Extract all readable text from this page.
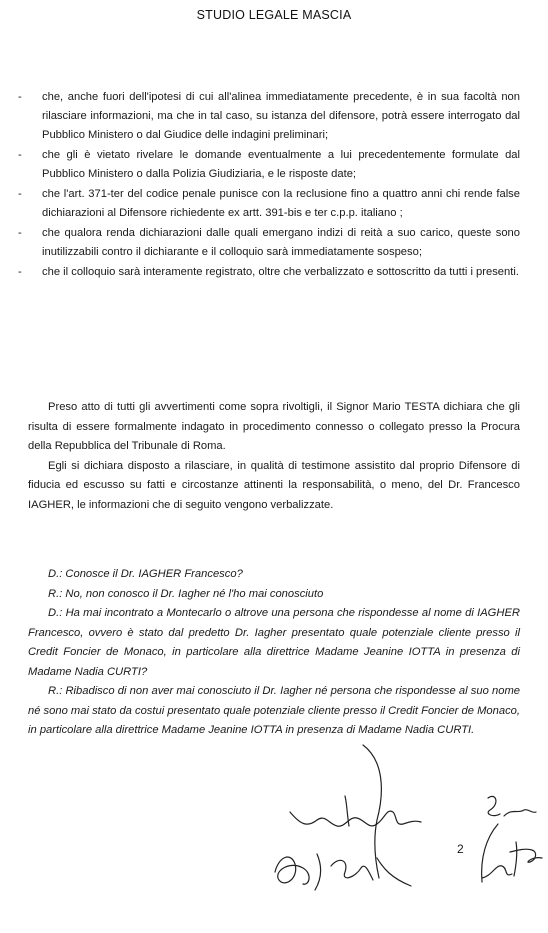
STUDIO LEGALE MASCIA
- che, anche fuori dell'ipotesi di cui all'alinea immediatamente precedente, è in sua facoltà non rilasciare informazioni, ma che in tal caso, su istanza del difensore, potrà essere interrogato dal Pubblico Ministero o dal Giudice delle indagini preliminari;
- che gli è vietato rivelare le domande eventualmente a lui precedentemente formulate dal Pubblico Ministero o dalla Polizia Giudiziaria, e le risposte date;
- che l'art. 371-ter del codice penale punisce con la reclusione fino a quattro anni chi rende false dichiarazioni al Difensore richiedente ex artt. 391-bis e ter c.p.p. italiano ;
- che qualora renda dichiarazioni dalle quali emergano indizi di reità a suo carico, queste sono inutilizzabili contro il dichiarante e il colloquio sarà immediatamente sospeso;
- che il colloquio sarà interamente registrato, oltre che verbalizzato e sottoscritto da tutti i presenti.

Preso atto di tutti gli avvertimenti come sopra rivoltigli, il Signor Mario TESTA dichiara che gli risulta di essere formalmente indagato in procedimento connesso o collegato presso la Procura della Repubblica del Tribunale di Roma.

Egli si dichiara disposto a rilasciare, in qualità di testimone assistito dal proprio Difensore di fiducia ed escusso su fatti e circostanze attinenti la responsabilità, o meno, del Dr. Francesco IAGHER, le informazioni che di seguito vengono verbalizzate.

D.: Conosce il Dr. IAGHER Francesco?

R.: No, non conosco il Dr. Iagher né l'ho mai conosciuto

D.: Ha mai incontrato a Montecarlo o altrove una persona che rispondesse al nome di IAGHER Francesco, ovvero è stato dal predetto Dr. Iagher presentato quale potenziale cliente presso il Credit Foncier de Monaco, in particolare alla direttrice Madame Jeanine IOTTA in presenza di Madame Nadia CURTI?

R.: Ribadisco di non aver mai conosciuto il Dr. Iagher né persona che rispondesse al suo nome né sono mai stato da costui presentato quale potenziale cliente presso il Credit Foncier de Monaco, in particolare alla direttrice Madame Jeanine IOTTA in presenza di Madame Nadia CURTI.

2
